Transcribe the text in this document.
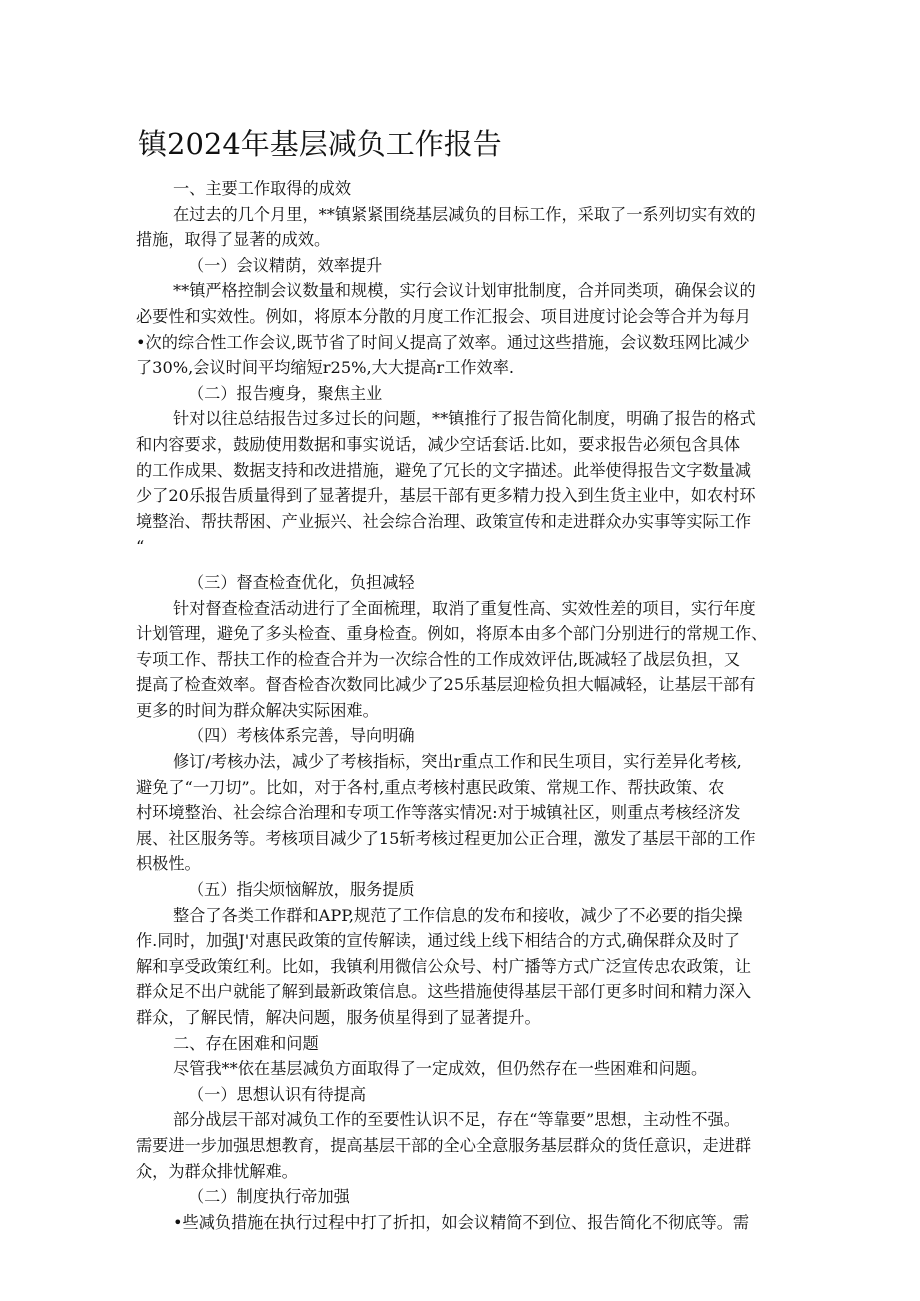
镇2024年基层减负工作报告

一、主要工作取得的成效

在过去的几个月里，**镇紧紧围绕基层减负的目标工作，采取了一系列切实有效的

措施，取得了显著的成效。

（一）会议精荫，效率提升

**镇严格控制会议数量和规模，实行会议计划审批制度，合并同类项，确保会议的

必要性和实效性。例如，将原本分散的月度工作汇报会、项目进度讨论会等合并为每月

•次的综合性工作会议,既节省了时间乂提高了效率。通过这些措施，会议数珏网比减少

了30%,会议时间平均缩短r25%,大大提高r工作效率.

（二）报告瘦身，聚焦主业

针对以往总结报告过多过长的问题，**镇推行了报告简化制度，明确了报告的格式

和内容要求，鼓励使用数据和事实说话，减少空话套话.比如，要求报告必须包含具体

的工作成果、数据支持和改进措施，避免了冗长的文字描述。此举使得报告文字数量减

少了20乐报告质量得到了显著提升，基层干部有更多精力投入到生货主业中，如农村环

境整治、帮扶帮困、产业振兴、社会综合治理、政策宣传和走进群众办实事等实际工作

“

（三）督查检查优化，负担减轻

针对督查检查活动进行了全面梳理，取消了重复性高、实效性差的项目，实行年度

计划管理，避免了多头检查、重身检查。例如，将原本由多个部门分别进行的常规工作、

专项工作、帮扶工作的检查合并为一次综合性的工作成效评估,既减轻了战层负担，又

提高了检查效率。督杳检杳次数同比减少了25乐基层迎检负担大幅减轻，让基层干部有

更多的时间为群众解决实际困难。

（四）考核体系完善，导向明确

修订/考核办法，减少了考核指标，突出r重点工作和民生项目，实行差异化考核,

避免了“一刀切”。比如，对于各村,重点考核村惠民政策、常规工作、帮扶政策、农

村环境整治、社会综合治理和专项工作等落实情况:对于城镇社区，则重点考核经济发

展、社区服务等。考核项目减少了15斩考核过程更加公正合理，激发了基层干部的工作

枳极性。

（五）指尖烦恼解放，服务提质

整合了各类工作群和APP,规范了工作信息的发布和接收，减少了不必要的指尖操

作.同时，加强J'对惠民政策的宣传解读，通过线上线下相结合的方式,确保群众及时了

解和享受政策红利。比如，我镇利用微信公众号、村广播等方式广泛宣传忠农政策，让

群众足不出户就能了解到最新政策信息。这些措施使得基层干部仃更多时间和精力深入

群众，了解民情，解决问题，服务侦星得到了显著提升。

二、存在困难和问题

尽管我**依在基层减负方面取得了一定成效，但仍然存在一些困难和问题。

（一）思想认识有待提高

部分战层干部对减负工作的至要性认识不足，存在“等靠要”思想，主动性不强。

需要进一步加强思想教育，提高基层干部的全心全意服务基层群众的货任意识，走进群

众，为群众排忧解难。

（二）制度执行帝加强

•些减负措施在执行过程中打了折扣，如会议精简不到位、报告简化不彻底等。需
